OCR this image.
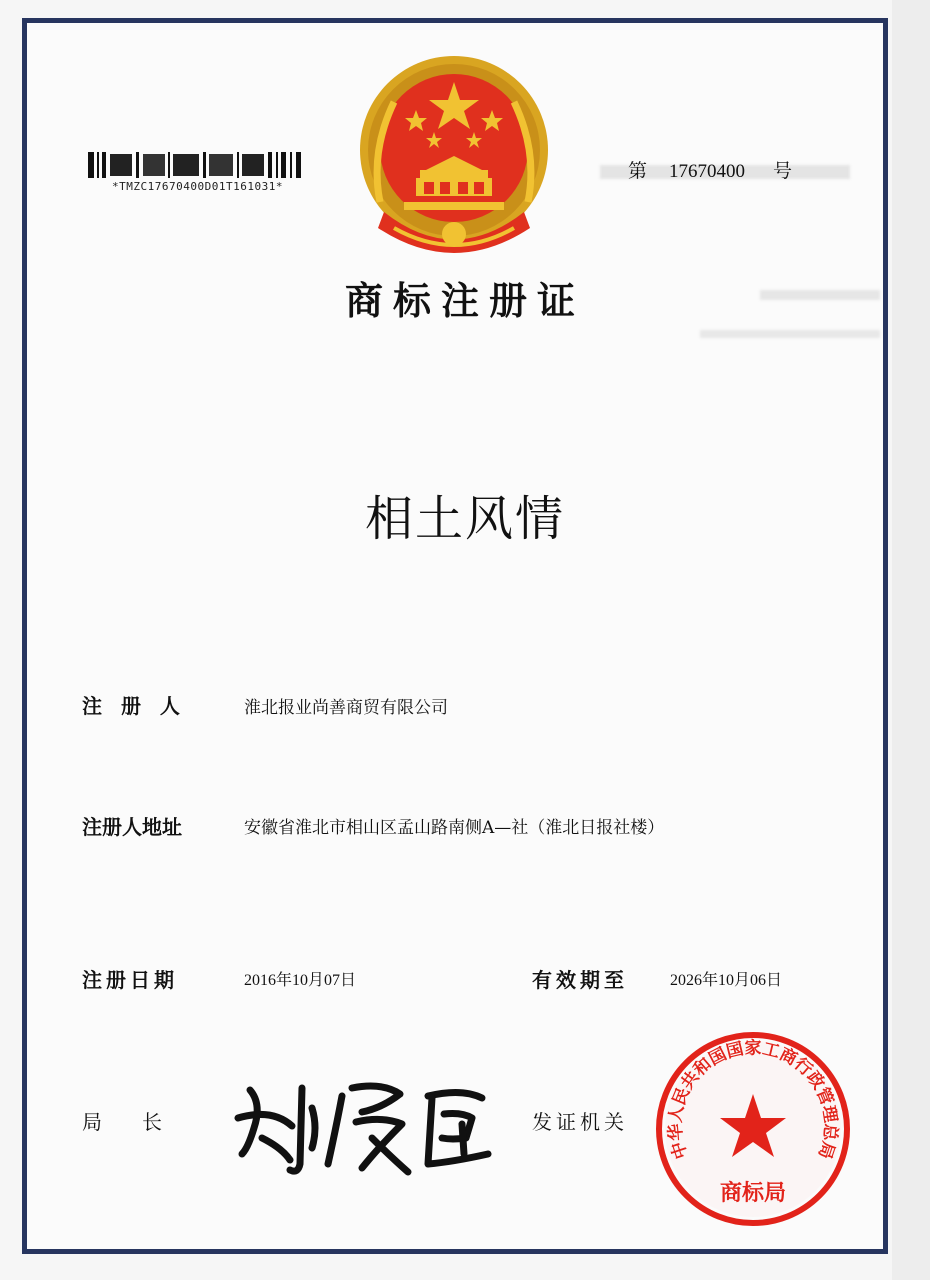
*TMZC17670400D01T161031*
第 17670400 号
商标注册证
相土风情
注 册 人	淮北报业尚善商贸有限公司
注册人地址	安徽省淮北市相山区孟山路南侧A—社（淮北日报社楼）
注册日期	2016年10月07日	有效期至	2026年10月06日
局　　长	发证机关
中华人民共和国国家工商行政管理总局
商标局
